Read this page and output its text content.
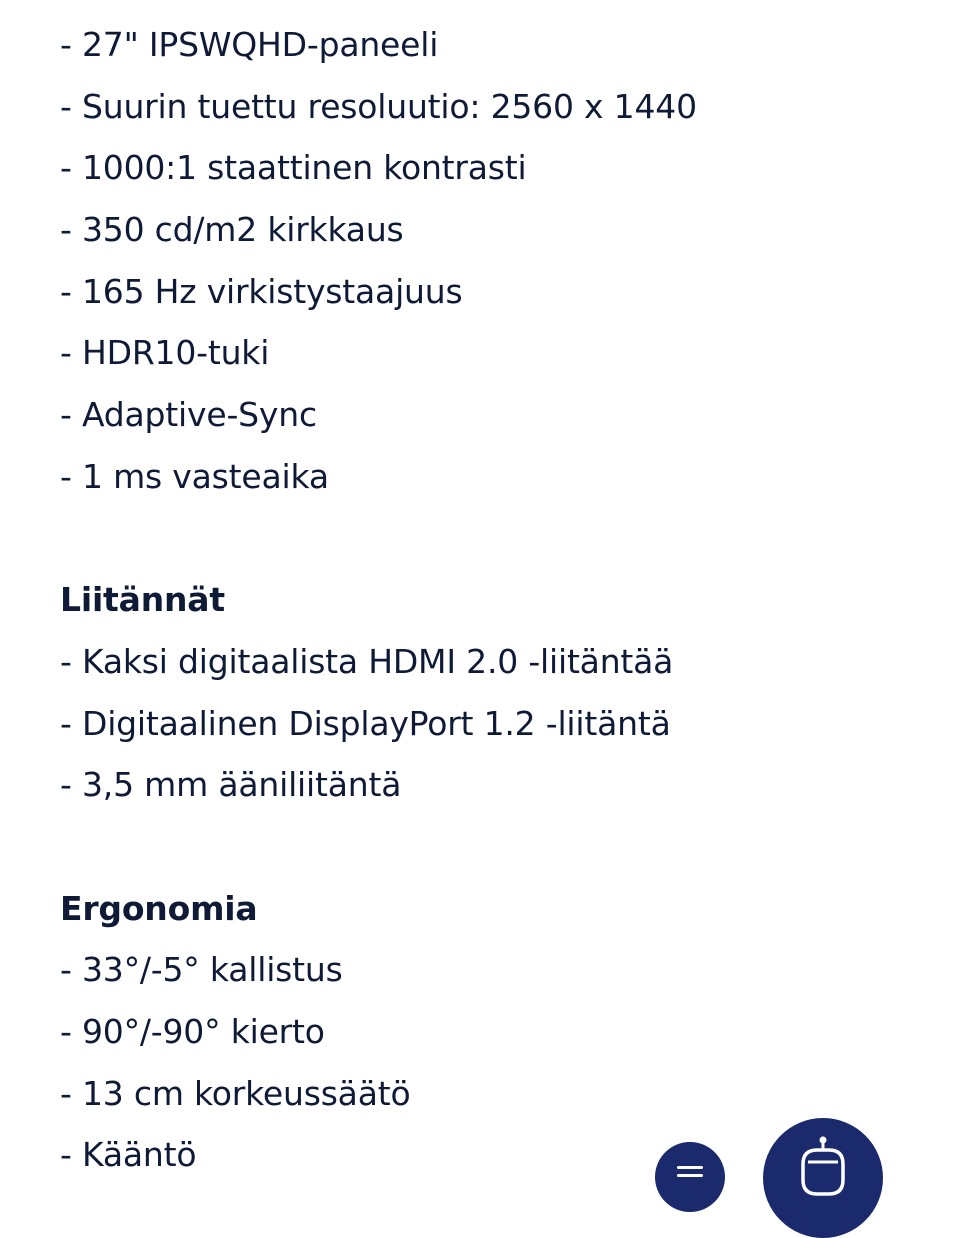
- 27" IPSWQHD-paneeli
- Suurin tuettu resoluutio: 2560 x 1440
- 1000:1 staattinen kontrasti
- 350 cd/m2 kirkkaus
- 165 Hz virkistystaajuus
- HDR10-tuki
- Adaptive-Sync
- 1 ms vasteaika
Liitännät
- Kaksi digitaalista HDMI 2.0 -liitäntää
- Digitaalinen DisplayPort 1.2 -liitäntä
- 3,5 mm ääniliitäntä
Ergonomia
- 33°/-5° kallistus
- 90°/-90° kierto
- 13 cm korkeussäätö
- Kääntö
